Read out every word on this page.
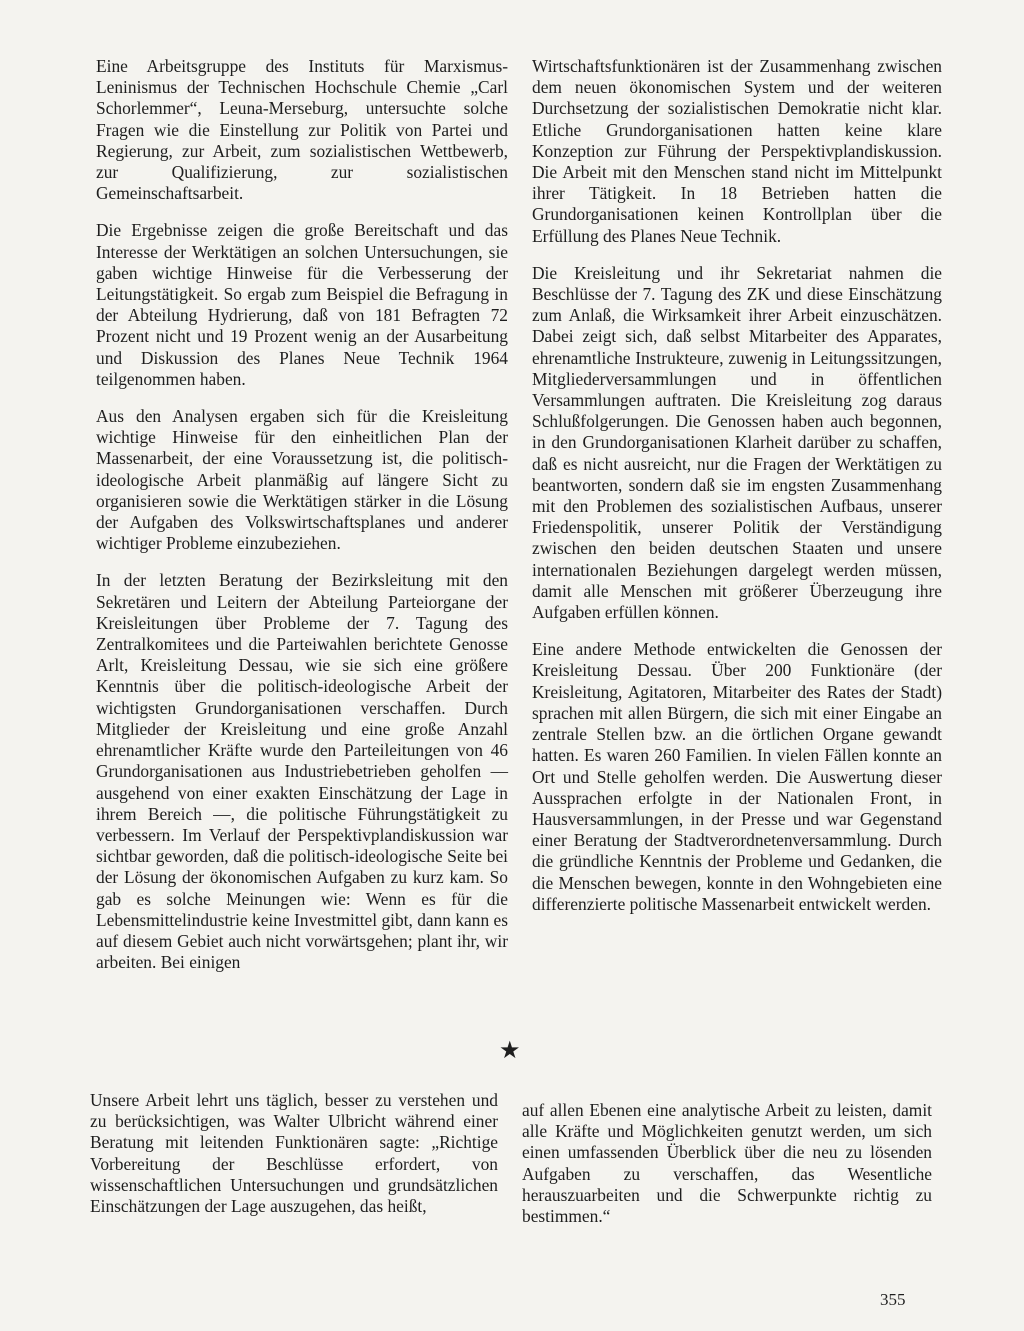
Eine Arbeitsgruppe des Instituts für Marxismus-Leninismus der Technischen Hochschule Chemie „Carl Schorlemmer“, Leuna-Merseburg, untersuchte solche Fragen wie die Einstellung zur Politik von Partei und Regierung, zur Arbeit, zum sozialistischen Wettbewerb, zur Qualifizierung, zur sozialistischen Gemeinschaftsarbeit.

Die Ergebnisse zeigen die große Bereitschaft und das Interesse der Werktätigen an solchen Untersuchungen, sie gaben wichtige Hinweise für die Verbesserung der Leitungstätigkeit. So ergab zum Beispiel die Befragung in der Abteilung Hydrierung, daß von 181 Befragten 72 Prozent nicht und 19 Prozent wenig an der Ausarbeitung und Diskussion des Planes Neue Technik 1964 teilgenommen haben.

Aus den Analysen ergaben sich für die Kreisleitung wichtige Hinweise für den einheitlichen Plan der Massenarbeit, der eine Voraussetzung ist, die politisch-ideologische Arbeit planmäßig auf längere Sicht zu organisieren sowie die Werktätigen stärker in die Lösung der Aufgaben des Volkswirtschaftsplanes und anderer wichtiger Probleme einzubeziehen.

In der letzten Beratung der Bezirksleitung mit den Sekretären und Leitern der Abteilung Parteiorgane der Kreisleitungen über Probleme der 7. Tagung des Zentralkomitees und die Parteiwahlen berichtete Genosse Arlt, Kreisleitung Dessau, wie sie sich eine größere Kenntnis über die politisch-ideologische Arbeit der wichtigsten Grundorganisationen verschaffen. Durch Mitglieder der Kreisleitung und eine große Anzahl ehrenamtlicher Kräfte wurde den Parteileitungen von 46 Grundorganisationen aus Industriebetrieben geholfen — ausgehend von einer exakten Einschätzung der Lage in ihrem Bereich —, die politische Führungstätigkeit zu verbessern. Im Verlauf der Perspektivplandiskussion war sichtbar geworden, daß die politisch-ideologische Seite bei der Lösung der ökonomischen Aufgaben zu kurz kam. So gab es solche Meinungen wie: Wenn es für die Lebensmittelindustrie keine Investmittel gibt, dann kann es auf diesem Gebiet auch nicht vorwärtsgehen; plant ihr, wir arbeiten. Bei einigen

Wirtschaftsfunktionären ist der Zusammenhang zwischen dem neuen ökonomischen System und der weiteren Durchsetzung der sozialistischen Demokratie nicht klar. Etliche Grundorganisationen hatten keine klare Konzeption zur Führung der Perspektivplandiskussion. Die Arbeit mit den Menschen stand nicht im Mittelpunkt ihrer Tätigkeit. In 18 Betrieben hatten die Grundorganisationen keinen Kontrollplan über die Erfüllung des Planes Neue Technik.

Die Kreisleitung und ihr Sekretariat nahmen die Beschlüsse der 7. Tagung des ZK und diese Einschätzung zum Anlaß, die Wirksamkeit ihrer Arbeit einzuschätzen. Dabei zeigt sich, daß selbst Mitarbeiter des Apparates, ehrenamtliche Instrukteure, zuwenig in Leitungssitzungen, Mitgliederversammlungen und in öffentlichen Versammlungen auftraten. Die Kreisleitung zog daraus Schlußfolgerungen. Die Genossen haben auch begonnen, in den Grundorganisationen Klarheit darüber zu schaffen, daß es nicht ausreicht, nur die Fragen der Werktätigen zu beantworten, sondern daß sie im engsten Zusammenhang mit den Problemen des sozialistischen Aufbaus, unserer Friedenspolitik, unserer Politik der Verständigung zwischen den beiden deutschen Staaten und unsere internationalen Beziehungen dargelegt werden müssen, damit alle Menschen mit größerer Überzeugung ihre Aufgaben erfüllen können.

Eine andere Methode entwickelten die Genossen der Kreisleitung Dessau. Über 200 Funktionäre (der Kreisleitung, Agitatoren, Mitarbeiter des Rates der Stadt) sprachen mit allen Bürgern, die sich mit einer Eingabe an zentrale Stellen bzw. an die örtlichen Organe gewandt hatten. Es waren 260 Familien. In vielen Fällen konnte an Ort und Stelle geholfen werden. Die Auswertung dieser Aussprachen erfolgte in der Nationalen Front, in Hausversammlungen, in der Presse und war Gegenstand einer Beratung der Stadtverordnetenversammlung. Durch die gründliche Kenntnis der Probleme und Gedanken, die die Menschen bewegen, konnte in den Wohngebieten eine differenzierte politische Massenarbeit entwickelt werden.

★

Unsere Arbeit lehrt uns täglich, besser zu verstehen und zu berücksichtigen, was Walter Ulbricht während einer Beratung mit leitenden Funktionären sagte: „Richtige Vorbereitung der Beschlüsse erfordert, von wissenschaftlichen Untersuchungen und grundsätzlichen Einschätzungen der Lage auszugehen, das heißt,

auf allen Ebenen eine analytische Arbeit zu leisten, damit alle Kräfte und Möglichkeiten genutzt werden, um sich einen umfassenden Überblick über die neu zu lösenden Aufgaben zu verschaffen, das Wesentliche herauszuarbeiten und die Schwerpunkte richtig zu bestimmen.“

355
